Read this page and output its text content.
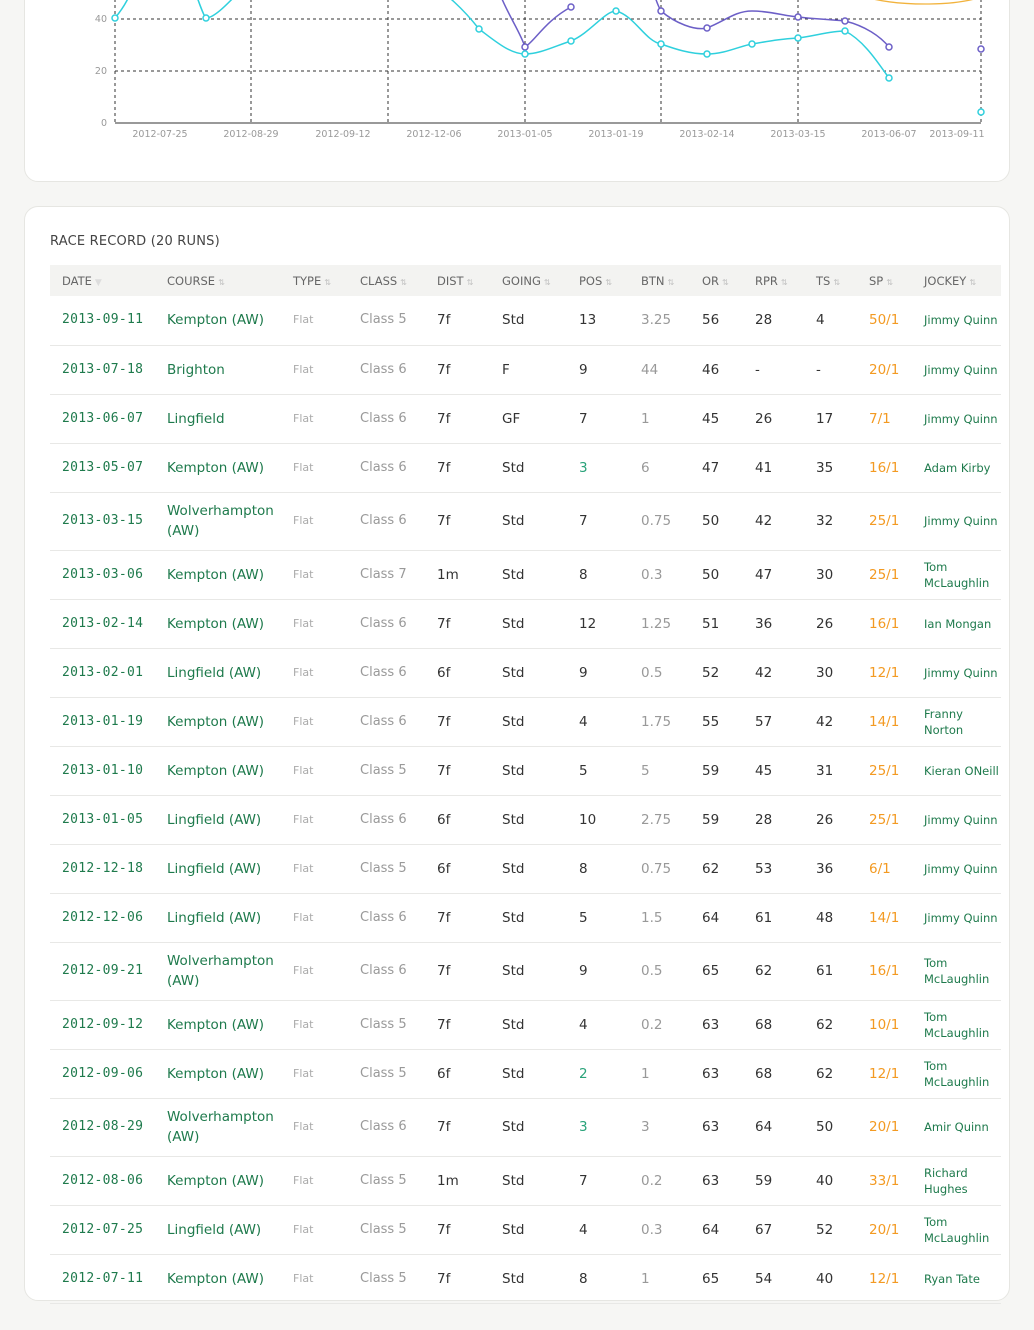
0
20
40
2012-07-25	2012-08-29	2012-09-12	2012-12-06	2013-01-05	2013-01-19	2013-02-14	2013-03-15	2013-06-07 2013-09-11
RACE RECORD (20 RUNS)
DATE ▼	COURSE ⇅	TYPE ⇅	CLASS ⇅	DIST ⇅	GOING ⇅	POS ⇅	BTN ⇅	OR ⇅	RPR ⇅	TS ⇅	SP ⇅	JOCKEY ⇅
2013-09-11	Kempton (AW)	Flat	Class 5	7f	Std	13	3.25	56	28	4	50/1	Jimmy Quinn
2013-07-18	Brighton	Flat	Class 6	7f	F	9	44	46	-	-	20/1	Jimmy Quinn
2013-06-07	Lingfield	Flat	Class 6	7f	GF	7	1	45	26	17	7/1	Jimmy Quinn
2013-05-07	Kempton (AW)	Flat	Class 6	7f	Std	3	6	47	41	35	16/1	Adam Kirby
2013-03-15	Wolverhampton (AW)	Flat	Class 6	7f	Std	7	0.75	50	42	32	25/1	Jimmy Quinn
2013-03-06	Kempton (AW)	Flat	Class 7	1m	Std	8	0.3	50	47	30	25/1	Tom McLaughlin
2013-02-14	Kempton (AW)	Flat	Class 6	7f	Std	12	1.25	51	36	26	16/1	Ian Mongan
2013-02-01	Lingfield (AW)	Flat	Class 6	6f	Std	9	0.5	52	42	30	12/1	Jimmy Quinn
2013-01-19	Kempton (AW)	Flat	Class 6	7f	Std	4	1.75	55	57	42	14/1	Franny Norton
2013-01-10	Kempton (AW)	Flat	Class 5	7f	Std	5	5	59	45	31	25/1	Kieran ONeill
2013-01-05	Lingfield (AW)	Flat	Class 6	6f	Std	10	2.75	59	28	26	25/1	Jimmy Quinn
2012-12-18	Lingfield (AW)	Flat	Class 5	6f	Std	8	0.75	62	53	36	6/1	Jimmy Quinn
2012-12-06	Lingfield (AW)	Flat	Class 6	7f	Std	5	1.5	64	61	48	14/1	Jimmy Quinn
2012-09-21	Wolverhampton (AW)	Flat	Class 6	7f	Std	9	0.5	65	62	61	16/1	Tom McLaughlin
2012-09-12	Kempton (AW)	Flat	Class 5	7f	Std	4	0.2	63	68	62	10/1	Tom McLaughlin
2012-09-06	Kempton (AW)	Flat	Class 5	6f	Std	2	1	63	68	62	12/1	Tom McLaughlin
2012-08-29	Wolverhampton (AW)	Flat	Class 6	7f	Std	3	3	63	64	50	20/1	Amir Quinn
2012-08-06	Kempton (AW)	Flat	Class 5	1m	Std	7	0.2	63	59	40	33/1	Richard Hughes
2012-07-25	Lingfield (AW)	Flat	Class 5	7f	Std	4	0.3	64	67	52	20/1	Tom McLaughlin
2012-07-11	Kempton (AW)	Flat	Class 5	7f	Std	8	1	65	54	40	12/1	Ryan Tate
